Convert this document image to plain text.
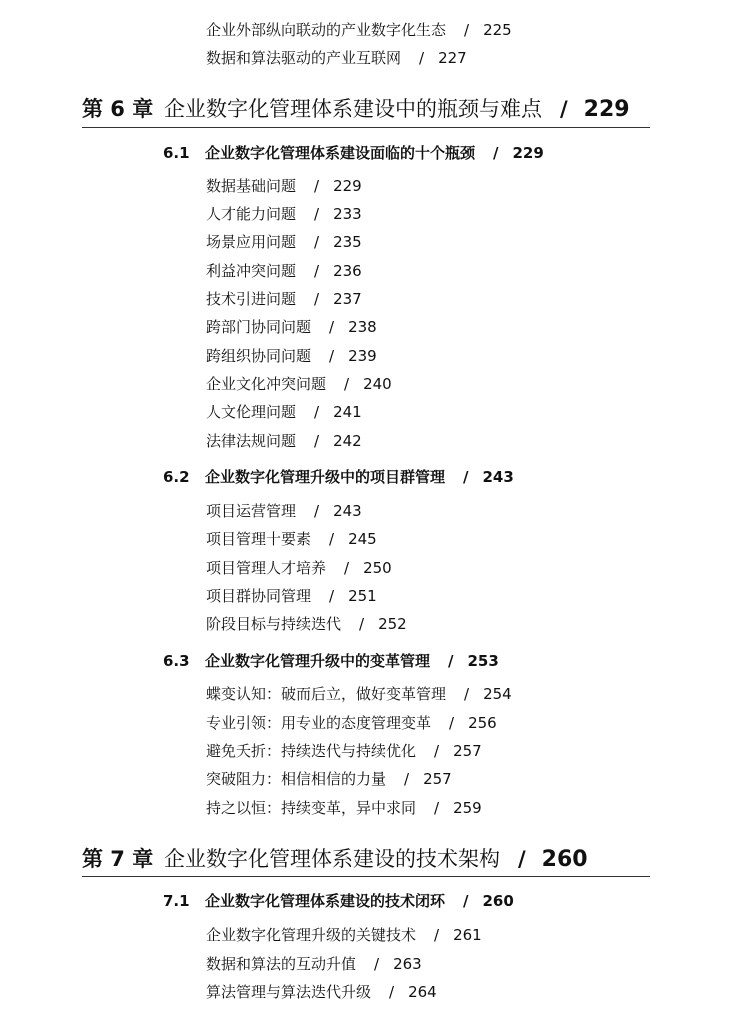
企业外部纵向联动的产业数字化生态 / 225
数据和算法驱动的产业互联网 / 227
第 6 章 企业数字化管理体系建设中的瓶颈与难点 / 229
6.1 企业数字化管理体系建设面临的十个瓶颈 / 229
数据基础问题 / 229
人才能力问题 / 233
场景应用问题 / 235
利益冲突问题 / 236
技术引进问题 / 237
跨部门协同问题 / 238
跨组织协同问题 / 239
企业文化冲突问题 / 240
人文伦理问题 / 241
法律法规问题 / 242
6.2 企业数字化管理升级中的项目群管理 / 243
项目运营管理 / 243
项目管理十要素 / 245
项目管理人才培养 / 250
项目群协同管理 / 251
阶段目标与持续迭代 / 252
6.3 企业数字化管理升级中的变革管理 / 253
蝶变认知：破而后立，做好变革管理 / 254
专业引领：用专业的态度管理变革 / 256
避免夭折：持续迭代与持续优化 / 257
突破阻力：相信相信的力量 / 257
持之以恒：持续变革，异中求同 / 259
第 7 章 企业数字化管理体系建设的技术架构 / 260
7.1 企业数字化管理体系建设的技术闭环 / 260
企业数字化管理升级的关键技术 / 261
数据和算法的互动升值 / 263
算法管理与算法迭代升级 / 264
